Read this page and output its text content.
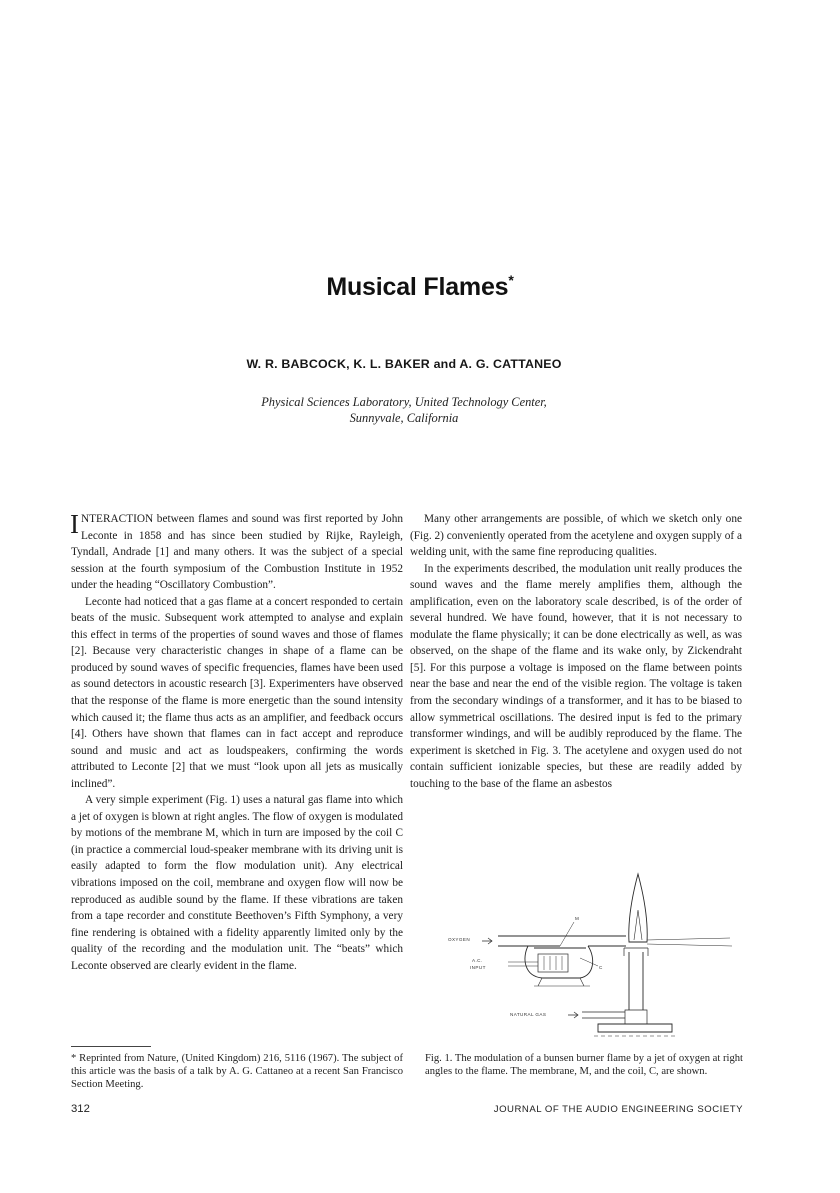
Musical Flames*
W. R. BABCOCK, K. L. BAKER and A. G. CATTANEO
Physical Sciences Laboratory, United Technology Center,
Sunnyvale, California

INTERACTION between flames and sound was first reported by John Leconte in 1858 and has since been studied by Rijke, Rayleigh, Tyndall, Andrade [1] and many others. It was the subject of a special session at the fourth symposium of the Combustion Institute in 1952 under the heading “Oscillatory Combustion”.

Leconte had noticed that a gas flame at a concert responded to certain beats of the music. Subsequent work attempted to analyse and explain this effect in terms of the properties of sound waves and those of flames [2]. Because very characteristic changes in shape of a flame can be produced by sound waves of specific frequencies, flames have been used as sound detectors in acoustic research [3]. Experimenters have observed that the response of the flame is more energetic than the sound intensity which caused it; the flame thus acts as an amplifier, and feedback occurs [4]. Others have shown that flames can in fact accept and reproduce sound and music and act as loudspeakers, confirming the words attributed to Leconte [2] that we must “look upon all jets as musically inclined”.

A very simple experiment (Fig. 1) uses a natural gas flame into which a jet of oxygen is blown at right angles. The flow of oxygen is modulated by motions of the membrane M, which in turn are imposed by the coil C (in practice a commercial loud-speaker membrane with its driving unit is easily adapted to form the flow modulation unit). Any electrical vibrations imposed on the coil, membrane and oxygen flow will now be reproduced as audible sound by the flame. If these vibrations are taken from a tape recorder and constitute Beethoven’s Fifth Symphony, a very fine rendering is obtained with a fidelity apparently limited only by the quality of the recording and the modulation unit. The “beats” which Leconte observed are clearly evident in the flame.

Many other arrangements are possible, of which we sketch only one (Fig. 2) conveniently operated from the acetylene and oxygen supply of a welding unit, with the same fine reproducing qualities.

In the experiments described, the modulation unit really produces the sound waves and the flame merely amplifies them, although the amplification, even on the laboratory scale described, is of the order of several hundred. We have found, however, that it is not necessary to modulate the flame physically; it can be done electrically as well, as was observed, on the shape of the flame and its wake only, by Zickendraht [5]. For this purpose a voltage is imposed on the flame between points near the base and near the end of the visible region. The voltage is taken from the secondary windings of a transformer, and it has to be biased to allow symmetrical oscillations. The desired input is fed to the primary transformer windings, and will be audibly reproduced by the flame. The experiment is sketched in Fig. 3. The acetylene and oxygen used do not contain sufficient ionizable species, but these are readily added by touching to the base of the flame an asbestos

OXYGEN
A.C.
INPUT
NATURAL GAS
M
C
* Reprinted from Nature, (United Kingdom) 216, 5116 (1967). The subject of this article was the basis of a talk by A. G. Cattaneo at a recent San Francisco Section Meeting.
Fig. 1. The modulation of a bunsen burner flame by a jet of oxygen at right angles to the flame. The membrane, M, and the coil, C, are shown.
312	JOURNAL OF THE AUDIO ENGINEERING SOCIETY
